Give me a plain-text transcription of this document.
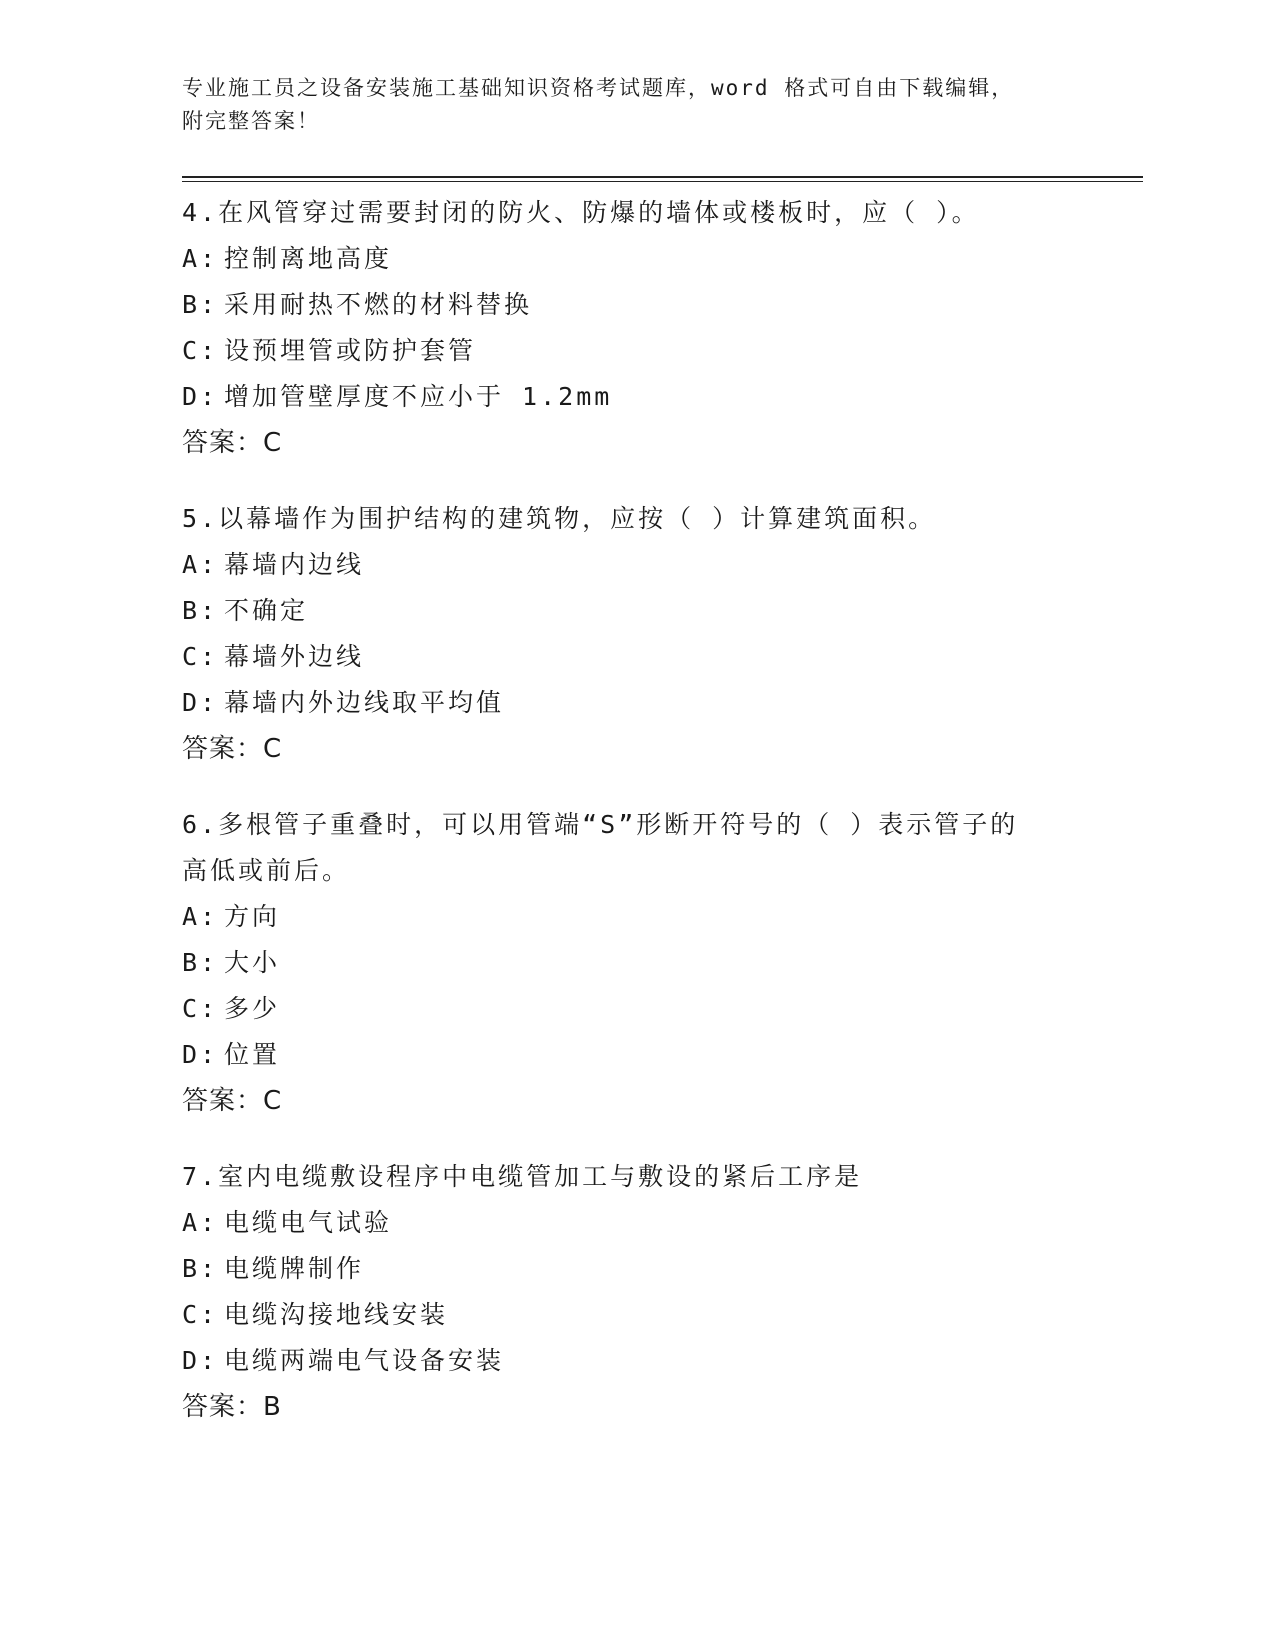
专业施工员之设备安装施工基础知识资格考试题库，word 格式可自由下载编辑，
附完整答案！
4.在风管穿过需要封闭的防火、防爆的墙体或楼板时，应（ ）。
A: 控制离地高度
B: 采用耐热不燃的材料替换
C: 设预埋管或防护套管
D: 增加管壁厚度不应小于 1.2mm
答案：C
5.以幕墙作为围护结构的建筑物，应按（ ）计算建筑面积。
A: 幕墙内边线
B: 不确定
C: 幕墙外边线
D: 幕墙内外边线取平均值
答案：C
6.多根管子重叠时，可以用管端“S”形断开符号的（ ）表示管子的
高低或前后。
A: 方向
B: 大小
C: 多少
D: 位置
答案：C
7.室内电缆敷设程序中电缆管加工与敷设的紧后工序是
A: 电缆电气试验
B: 电缆牌制作
C: 电缆沟接地线安装
D: 电缆两端电气设备安装
答案：B
